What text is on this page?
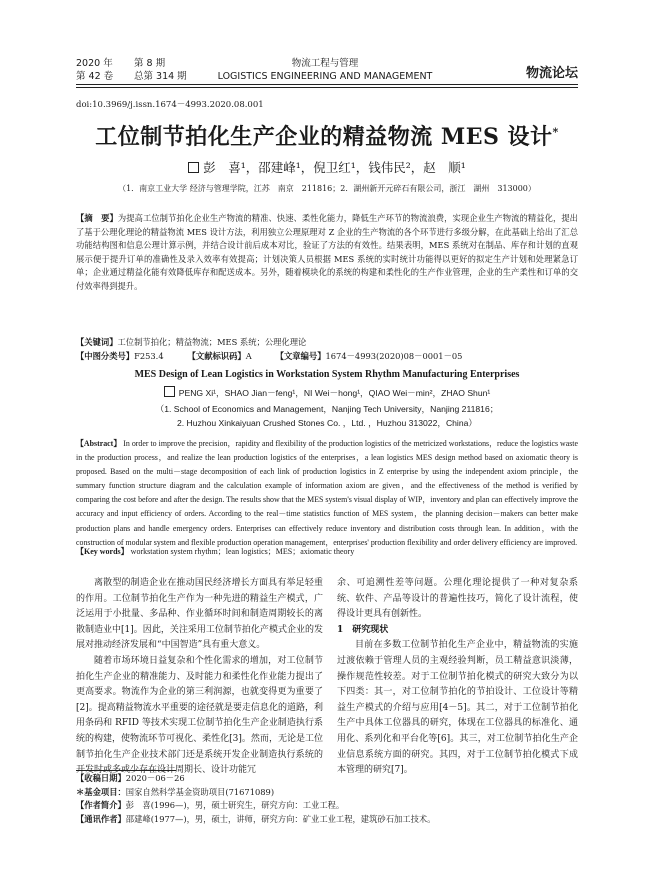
2020 年 第 8 期
第 42 卷 总第 314 期
物流工程与管理
LOGISTICS ENGINEERING AND MANAGEMENT	物流论坛
doi:10.3969/j.issn.1674－4993.2020.08.001
工位制节拍化生产企业的精益物流 MES 设计*
彭　喜¹，邵建峰¹，倪卫红¹，钱伟民²，赵　顺¹
（1．南京工业大学 经济与管理学院，江苏　南京　211816；2．湖州新开元碎石有限公司，浙江　湖州　313000）
【摘　要】为提高工位制节拍化企业生产物流的精准、快速、柔性化能力，降低生产环节的物流浪费，实现企业生产物流的精益化，提出了基于公理化理论的精益物流 MES 设计方法，利用独立公理原理对 Z 企业的生产物流的各个环节进行多级分解，在此基础上给出了汇总功能结构图和信息公理计算示例，并结合设计前后成本对比，验证了方法的有效性。结果表明，MES 系统对在制品、库存和计划的直观展示便于提升订单的准确性及录入效率有效提高；计划决策人员根据 MES 系统的实时统计功能得以更好的拟定生产计划和处理紧急订单；企业通过精益化能有效降低库存和配送成本。另外，随着模块化的系统的构建和柔性化的生产作业管理，企业的生产柔性和订单的交付效率得到提升。
【关键词】工位制节拍化；精益物流；MES 系统；公理化理论
【中图分类号】F253.4	【文献标识码】A	【文章编号】1674－4993(2020)08－0001－05
MES Design of Lean Logistics in Workstation System Rhythm Manufacturing Enterprises
PENG Xi¹，SHAO Jian－feng¹，NI Wei－hong¹，QIAO Wei－min²，ZHAO Shun¹
（1. School of Economics and Management，Nanjing Tech University，Nanjing 211816；
2. Huzhou Xinkaiyuan Crushed Stones Co. ，Ltd. ，Huzhou 313022，China）
【Abstract】 In order to improve the precision，rapidity and flexibility of the production logistics of the metricized workstations，reduce the logistics waste in the production process，and realize the lean production logistics of the enterprises，a lean logistics MES design method based on axiomatic theory is proposed. Based on the multi－stage decomposition of each link of production logistics in Z enterprise by using the independent axiom principle，the summary function structure diagram and the calculation example of information axiom are given，and the effectiveness of the method is verified by comparing the cost before and after the design. The results show that the MES system's visual display of WIP，inventory and plan can effectively improve the accuracy and input efficiency of orders. According to the real－time statistics function of MES system，the planning decision－makers can better make production plans and handle emergency orders. Enterprises can effectively reduce inventory and distribution costs through lean. In addition，with the construction of modular system and flexible production operation management，enterprises' production flexibility and order delivery efficiency are improved.
【Key words】 workstation system rhythm；lean logistics；MES；axiomatic theory

离散型的制造企业在推动国民经济增长方面具有举足轻重的作用。工位制节拍化生产作为一种先进的精益生产模式，广泛运用于小批量、多品种、作业循环时间和制造周期较长的离散制造业中[1]。因此，关注采用工位制节拍化产模式企业的发展对推动经济发展和“中国智造”具有重大意义。

随着市场环境日益复杂和个性化需求的增加，对工位制节拍化生产企业的精准能力、及时能力和柔性化作业能力提出了更高要求。物流作为企业的第三利润源，也就变得更为重要了[2]。提高精益物流水平重要的途径就是要走信息化的道路，利用条码和 RFID 等技术实现工位制节拍化生产企业制造执行系统的构建，使物流环节可视化、柔性化[3]。然而，无论是工位制节拍化生产企业技术部门还是系统开发企业制造执行系统的开发时或多或少存在设计周期长、设计功能冗

余、可追溯性差等问题。公理化理论提供了一种对复杂系统、软件、产品等设计的普遍性技巧，简化了设计流程，使得设计更具有创新性。

1　研究现状

目前在多数工位制节拍化生产企业中，精益物流的实施过渡依赖于管理人员的主观经验判断，员工精益意识淡薄，操作规范性较差。对于工位制节拍化模式的研究大致分为以下四类：其一，对工位制节拍化的节拍设计、工位设计等精益生产模式的介绍与应用[4－5]。其二，对于工位制节拍化生产中具体工位器具的研究，体现在工位器具的标准化、通用化、系列化和平台化等[6]。其三，对工位制节拍化生产企业信息系统方面的研究。其四，对于工位制节拍化模式下成本管理的研究[7]。

【收稿日期】2020－06－26
＊基金项目：国家自然科学基金资助项目(71671089)
【作者简介】彭　喜(1996—)，男，硕士研究生，研究方向：工业工程。
【通讯作者】邵建峰(1977—)，男，硕士，讲师，研究方向：矿业工业工程，建筑砂石加工技术。
